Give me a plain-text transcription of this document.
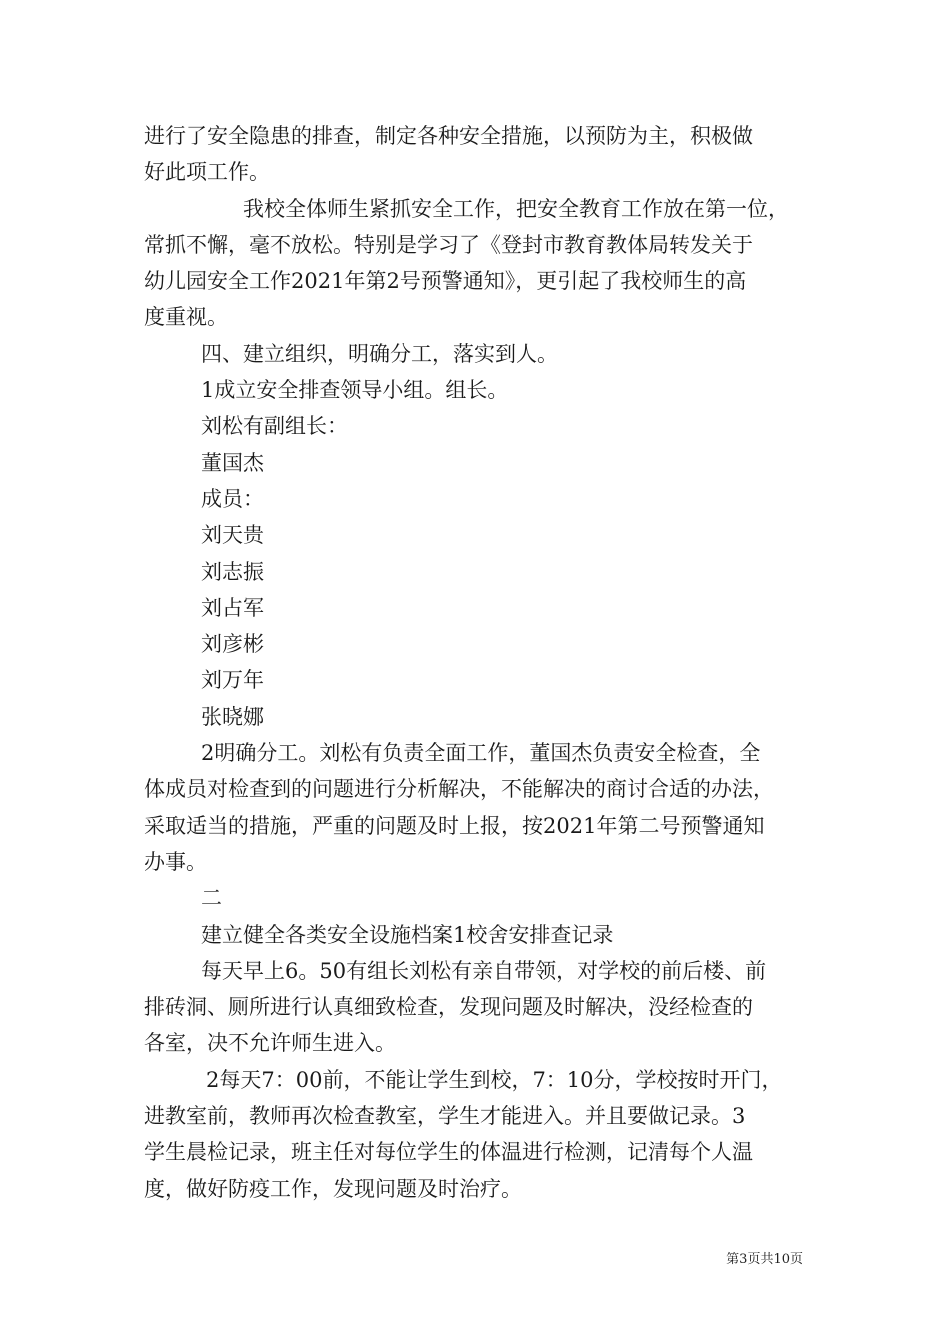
进行了安全隐患的排查，制定各种安全措施，以预防为主，积极做
好此项工作。
我校全体师生紧抓安全工作，把安全教育工作放在第一位，
常抓不懈，毫不放松。特别是学习了《登封市教育教体局转发关于
幼儿园安全工作2021年第2号预警通知》，更引起了我校师生的高
度重视。
四、建立组织，明确分工，落实到人。
1成立安全排查领导小组。组长。
刘松有副组长：
董国杰
成员：
刘天贵
刘志振
刘占军
刘彦彬
刘万年
张晓娜
2明确分工。刘松有负责全面工作，董国杰负责安全检查，全
体成员对检查到的问题进行分析解决，不能解决的商讨合适的办法，
采取适当的措施，严重的问题及时上报，按2021年第二号预警通知
办事。
二
建立健全各类安全设施档案1校舍安排查记录
每天早上6。50有组长刘松有亲自带领，对学校的前后楼、前
排砖洞、厕所进行认真细致检查，发现问题及时解决，没经检查的
各室，决不允许师生进入。
2每天7：00前，不能让学生到校，7：10分，学校按时开门，
进教室前，教师再次检查教室，学生才能进入。并且要做记录。3
学生晨检记录，班主任对每位学生的体温进行检测，记清每个人温
度，做好防疫工作，发现问题及时治疗。
第3页共10页
